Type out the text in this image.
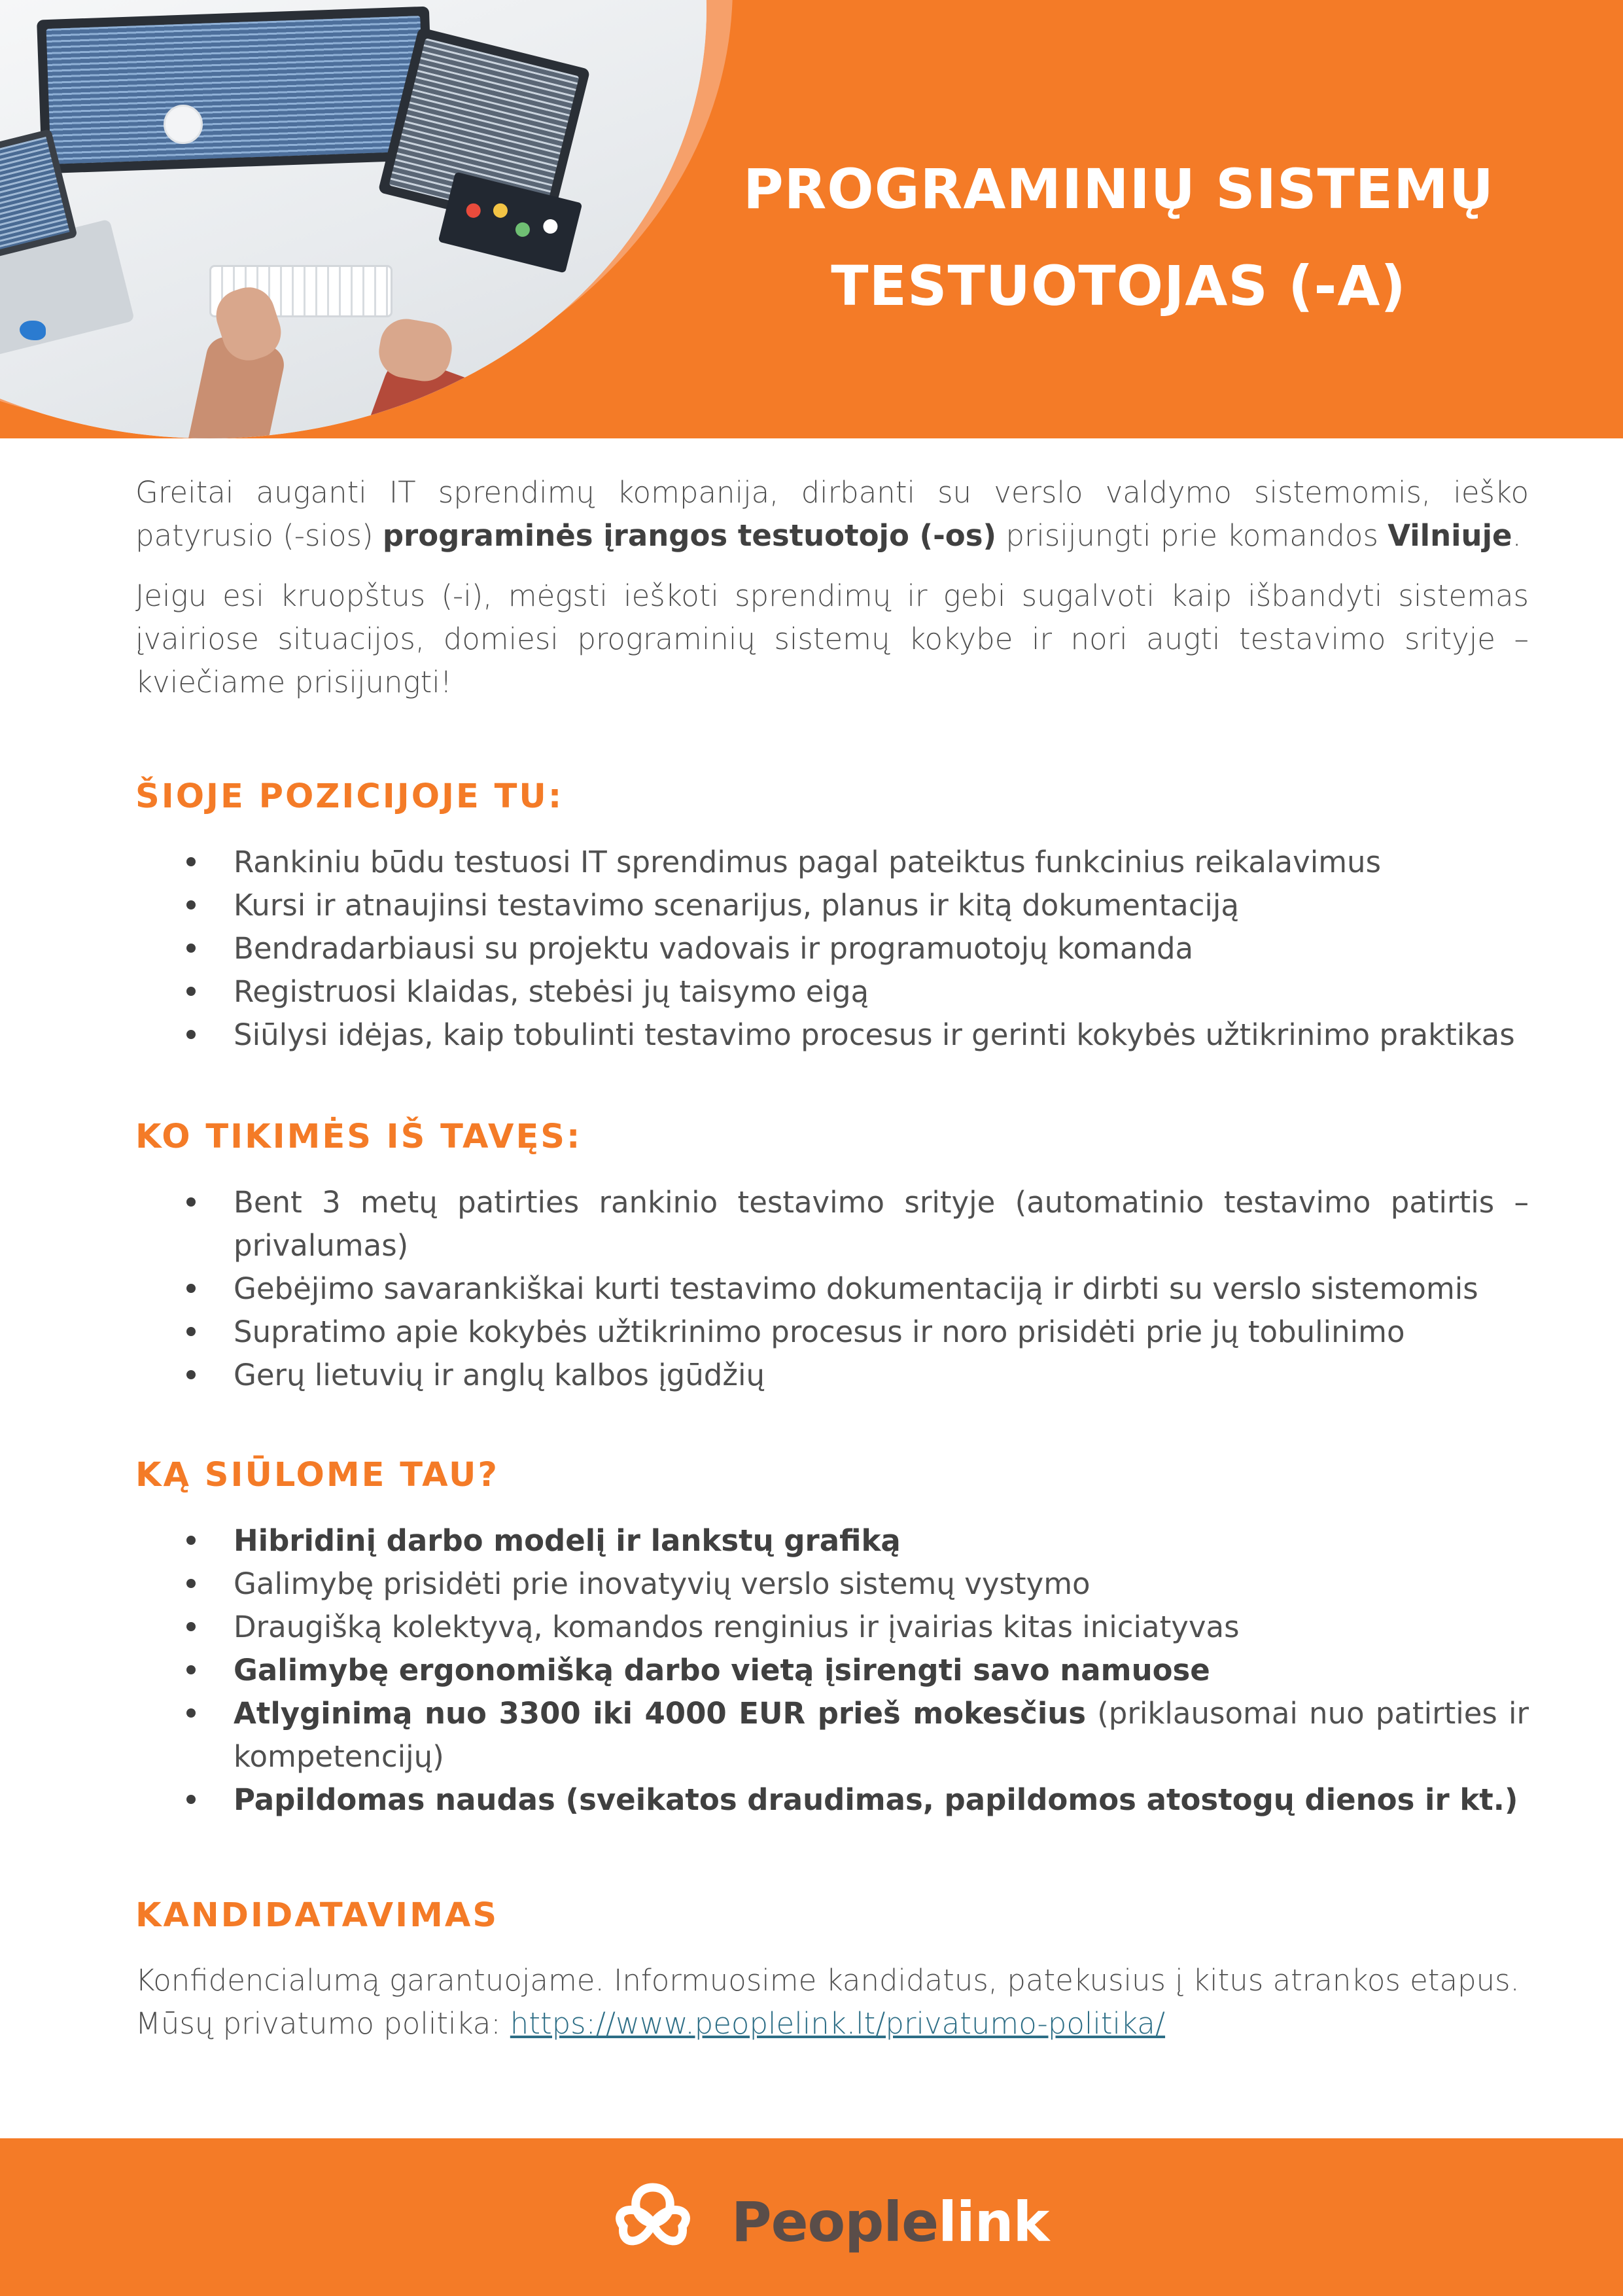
PROGRAMINIŲ SISTEMŲ
TESTUOTOJAS (-A)

Greitai auganti IT sprendimų kompanija, dirbanti su verslo valdymo sistemomis, ieško patyrusio (-sios) programinės įrangos testuotojo (-os) prisijungti prie komandos Vilniuje.

Jeigu esi kruopštus (-i), mėgsti ieškoti sprendimų ir gebi sugalvoti kaip išbandyti sistemas įvairiose situacijos, domiesi programinių sistemų kokybe ir nori augti testavimo srityje – kviečiame prisijungti!

ŠIOJE POZICIJOJE TU:
Rankiniu būdu testuosi IT sprendimus pagal pateiktus funkcinius reikalavimus
Kursi ir atnaujinsi testavimo scenarijus, planus ir kitą dokumentaciją
Bendradarbiausi su projektu vadovais ir programuotojų komanda
Registruosi klaidas, stebėsi jų taisymo eigą
Siūlysi idėjas, kaip tobulinti testavimo procesus ir gerinti kokybės užtikrinimo praktikas
KO TIKIMĖS IŠ TAVĘS:
Bent 3 metų patirties rankinio testavimo srityje (automatinio testavimo patirtis – privalumas)
Gebėjimo savarankiškai kurti testavimo dokumentaciją ir dirbti su verslo sistemomis
Supratimo apie kokybės užtikrinimo procesus ir noro prisidėti prie jų tobulinimo
Gerų lietuvių ir anglų kalbos įgūdžių
KĄ SIŪLOME TAU?
Hibridinį darbo modelį ir lankstų grafiką
Galimybę prisidėti prie inovatyvių verslo sistemų vystymo
Draugišką kolektyvą, komandos renginius ir įvairias kitas iniciatyvas
Galimybę ergonomišką darbo vietą įsirengti savo namuose
Atlyginimą nuo 3300 iki 4000 EUR prieš mokesčius (priklausomai nuo patirties ir kompetencijų)
Papildomas naudas (sveikatos draudimas, papildomos atostogų dienos ir kt.)
KANDIDATAVIMAS

Konfidencialumą garantuojame. Informuosime kandidatus, patekusius į kitus atrankos etapus.

Mūsų privatumo politika: https://www.peoplelink.lt/privatumo-politika/

Peoplelink
